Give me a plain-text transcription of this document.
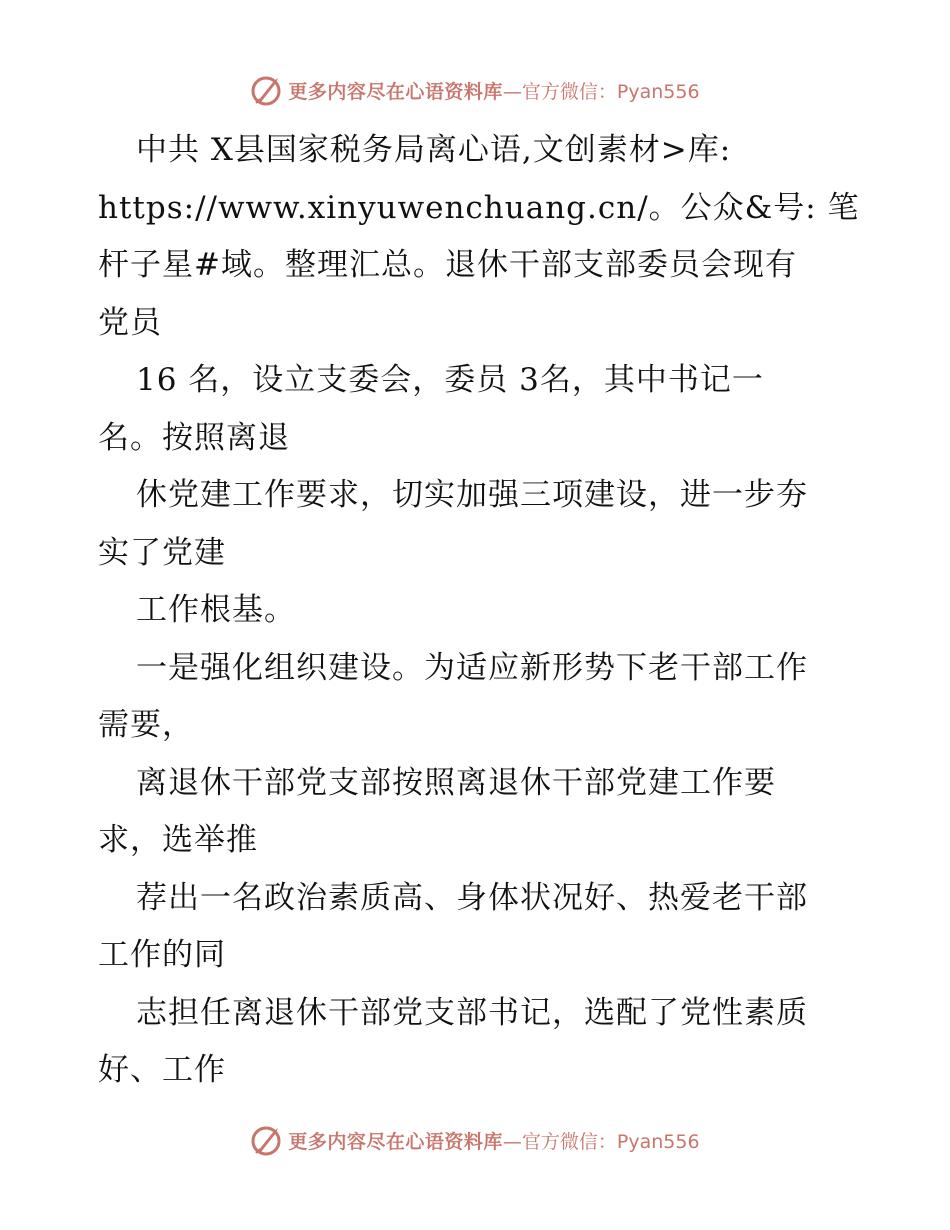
更多内容尽在心语资料库 —官方微信：Pyan556
中共 X县国家税务局离心语,文创素材>库:
https://www.xinyuwenchuang.cn/。公众&号: 笔
杆子星#域。整理汇总。退休干部支部委员会现有
党员
16 名，设立支委会，委员 3名，其中书记一
名。按照离退
休党建工作要求，切实加强三项建设，进一步夯
实了党建
工作根基。
一是强化组织建设。为适应新形势下老干部工作
需要，
离退休干部党支部按照离退休干部党建工作要
求，选举推
荐出一名政治素质高、身体状况好、热爱老干部
工作的同
志担任离退休干部党支部书记，选配了党性素质
好、工作
更多内容尽在心语资料库 —官方微信：Pyan556
